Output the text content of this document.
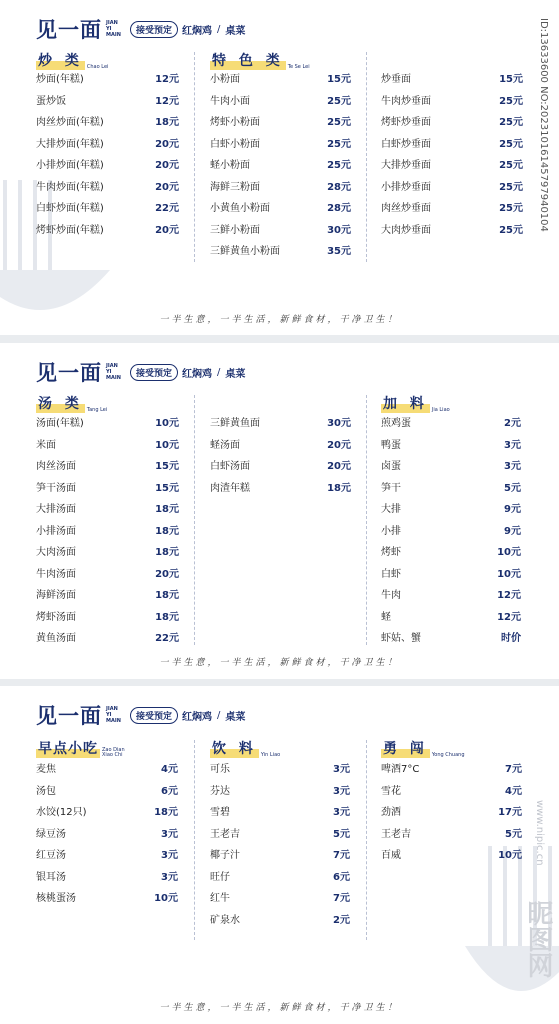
见一面 JIAN YI MAIN	接受预定	红焖鸡 / 桌菜
炒 类 Chao Lei	特 色 类 Te Se Lei
炒面(年糕)	12元
蛋炒饭	12元
肉丝炒面(年糕)	18元
大排炒面(年糕)	20元
小排炒面(年糕)	20元
牛肉炒面(年糕)	20元
白虾炒面(年糕)	22元
烤虾炒面(年糕)	20元
小粉面	15元
牛肉小面	25元
烤虾小粉面	25元
白虾小粉面	25元
蛏小粉面	25元
海鲜三粉面	28元
小黄鱼小粉面	28元
三鲜小粉面	30元
三鲜黄鱼小粉面	35元
炒垂面	15元
牛肉炒垂面	25元
烤虾炒垂面	25元
白虾炒垂面	25元
大排炒垂面	25元
小排炒垂面	25元
肉丝炒垂面	25元
大肉炒垂面	25元
一半生意，一半生活，新鲜食材，干净卫生！
见一面 JIAN YI MAIN	接受预定	红焖鸡 / 桌菜
汤 类 Tang Lei	加 料 Jia Liao
汤面(年糕)	10元
米面	10元
肉丝汤面	15元
笋干汤面	15元
大排汤面	18元
小排汤面	18元
大肉汤面	18元
牛肉汤面	20元
海鲜汤面	18元
烤虾汤面	18元
黄鱼汤面	22元
三鲜黄鱼面	30元
蛏汤面	20元
白虾汤面	20元
肉渣年糕	18元
煎鸡蛋	2元
鸭蛋	3元
卤蛋	3元
笋干	5元
大排	9元
小排	9元
烤虾	10元
白虾	10元
牛肉	12元
蛏	12元
虾姑、蟹	时价
一半生意，一半生活，新鲜食材，干净卫生！
见一面 JIAN YI MAIN	接受预定	红焖鸡 / 桌菜
早点小吃 Zao Dian Xiao Chi	饮 料 Yin Liao	勇 闯 Yong Chuang
麦焦	4元
汤包	6元
水饺(12只)	18元
绿豆汤	3元
红豆汤	3元
银耳汤	3元
核桃蛋汤	10元
可乐	3元
芬达	3元
雪碧	3元
王老吉	5元
椰子汁	7元
旺仔	6元
红牛	7元
矿泉水	2元
啤酒7°C	7元
雪花	4元
劲酒	17元
王老吉	5元
百威	10元
一半生意，一半生活，新鲜食材，干净卫生！
ID:13633600 NO:20231016145797940104
www.nipic.cn
昵图网
